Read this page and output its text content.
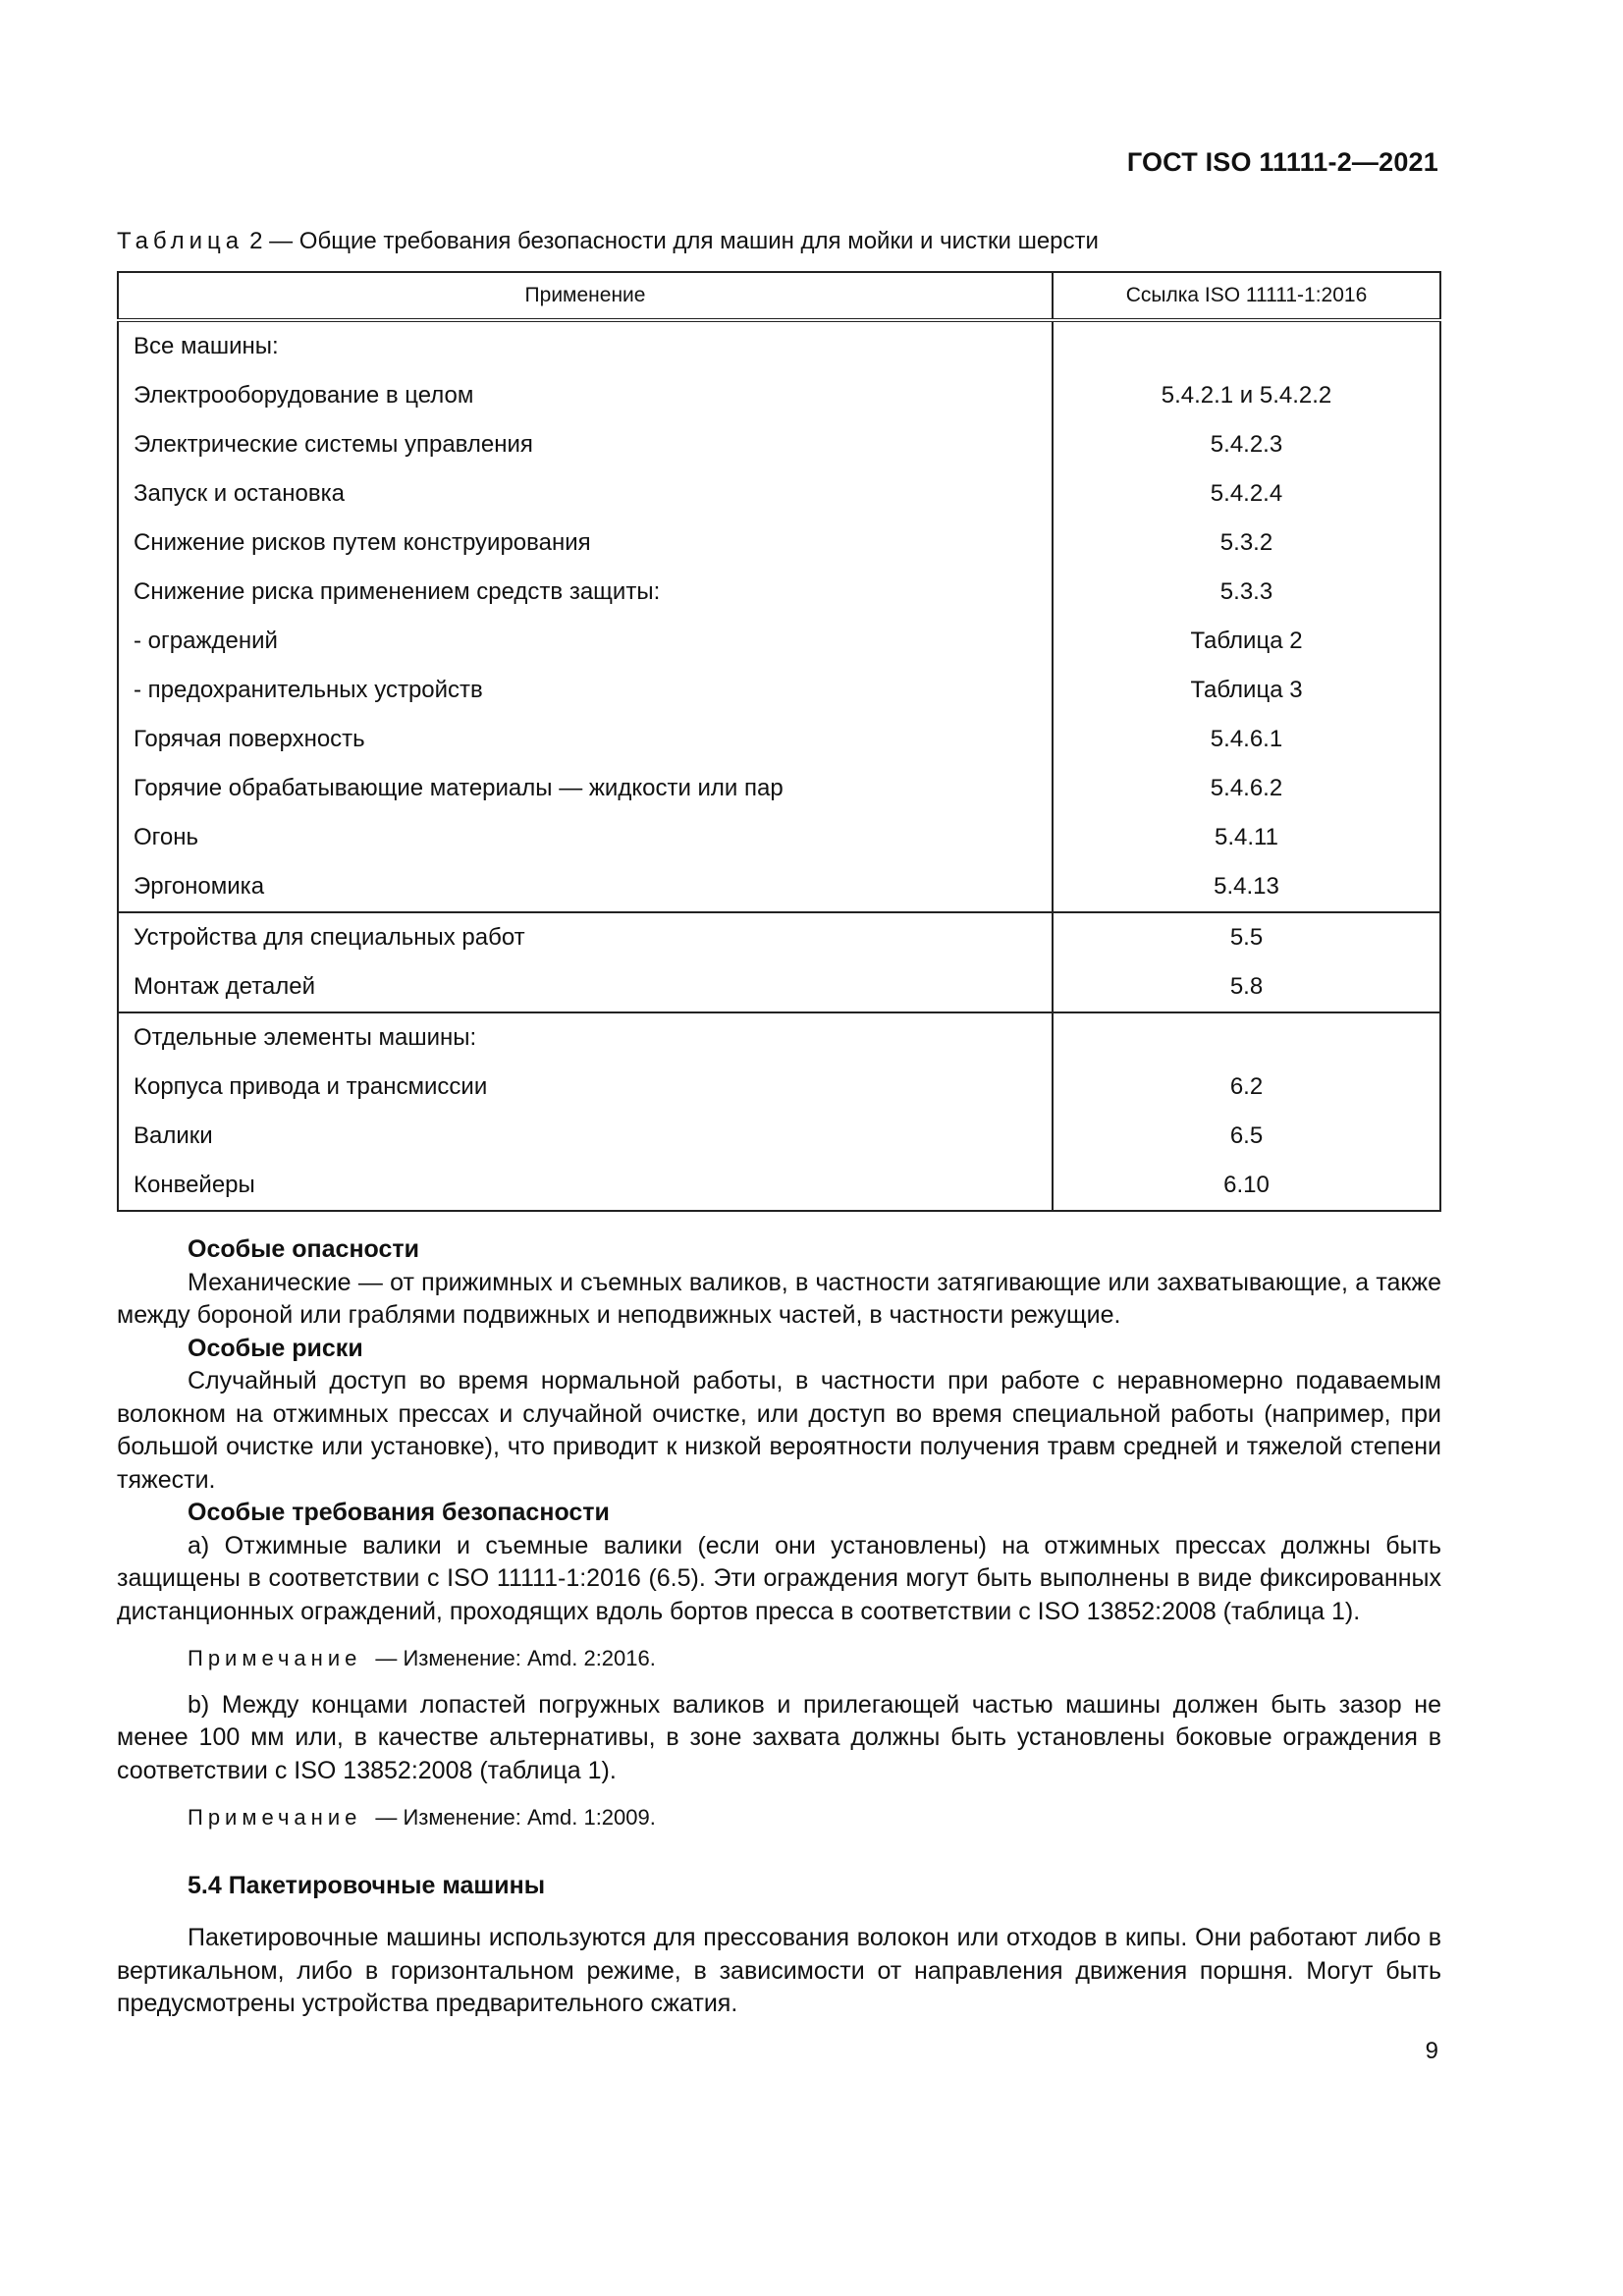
ГОСТ ISO 11111-2—2021
Таблица 2 — Общие требования безопасности для машин для мойки и чистки шерсти
Применение	Ссылка ISO 11111-1:2016
Все машины:	
Электрооборудование в целом	5.4.2.1 и 5.4.2.2
Электрические системы управления	5.4.2.3
Запуск и остановка	5.4.2.4
Снижение рисков путем конструирования	5.3.2
Снижение риска применением средств защиты:	5.3.3
- ограждений	Таблица 2
- предохранительных устройств	Таблица 3
Горячая поверхность	5.4.6.1
Горячие обрабатывающие материалы — жидкости или пар	5.4.6.2
Огонь	5.4.11
Эргономика	5.4.13
Устройства для специальных работ	5.5
Монтаж деталей	5.8
Отдельные элементы машины:	
Корпуса привода и трансмиссии	6.2
Валики	6.5
Конвейеры	6.10
Особые опасности

Механические — от прижимных и съемных валиков, в частности затягивающие или захватывающие, а также между бороной или граблями подвижных и неподвижных частей, в частности режущие.

Особые риски

Случайный доступ во время нормальной работы, в частности при работе с неравномерно подаваемым волокном на отжимных прессах и случайной очистке, или доступ во время специальной работы (например, при большой очистке или установке), что приводит к низкой вероятности получения травм средней и тяжелой степени тяжести.

Особые требования безопасности

а) Отжимные валики и съемные валики (если они установлены) на отжимных прессах должны быть защищены в соответствии с ISO 11111-1:2016 (6.5). Эти ограждения могут быть выполнены в виде фиксированных дистанционных ограждений, проходящих вдоль бортов пресса в соответствии с ISO 13852:2008 (таблица 1).

Примечание — Изменение: Amd. 2:2016.

b) Между концами лопастей погружных валиков и прилегающей частью машины должен быть зазор не менее 100 мм или, в качестве альтернативы, в зоне захвата должны быть установлены боковые ограждения в соответствии с ISO 13852:2008 (таблица 1).

Примечание — Изменение: Amd. 1:2009.

5.4 Пакетировочные машины

Пакетировочные машины используются для прессования волокон или отходов в кипы. Они работают либо в вертикальном, либо в горизонтальном режиме, в зависимости от направления движения поршня. Могут быть предусмотрены устройства предварительного сжатия.

9
